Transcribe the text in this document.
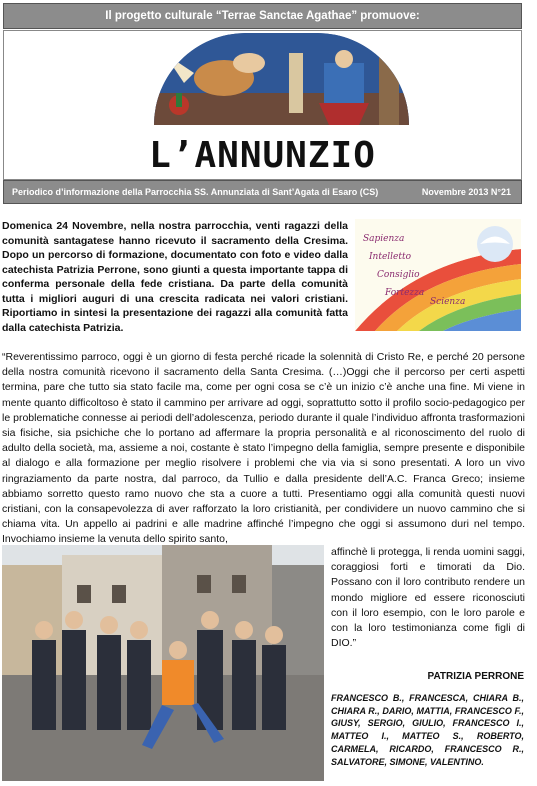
Il progetto culturale “Terrae Sanctae Agathae” promuove:
L’ANNUNZIO
Periodico d’informazione della Parrocchia SS. Annunziata di Sant’Agata di Esaro (CS)	Novembre 2013 N°21
Domenica 24 Novembre, nella nostra parrocchia, venti ragazzi della comunità santagatese hanno ricevuto il sacramento della Cresima. Dopo un percorso di formazione, documentato con foto e video dalla catechista Patrizia Perrone, sono giunti a questa importante tappa di conferma personale della fede cristiana. Da parte della comunità tutta i migliori auguri di una crescita radicata nei valori cristiani. Riportiamo in sintesi la presentazione dei ragazzi alla comunità fatta dalla catechista Patrizia.
Sapienza
Intelletto
Consiglio
Fortezza
Scienza
“Reverentissimo parroco, oggi è un giorno di festa perché ricade la solennità di Cristo Re, e perché 20 persone della nostra comunità ricevono il sacramento della Santa Cresima. (…)Oggi che il percorso per certi aspetti termina, pare che tutto sia stato facile ma, come per ogni cosa se c’è un inizio c’è anche una fine. Mi viene in mente quanto difficoltoso è stato il cammino per arrivare ad oggi, soprattutto sotto il profilo socio-pedagogico per le problematiche connesse ai periodi dell’adolescenza, periodo durante il quale l’individuo affronta trasformazioni sia fisiche, sia psichiche che lo portano ad affermare la propria personalità e al riconoscimento del ruolo di adulto della società, ma, assieme a noi, costante è stato l’impegno della famiglia, sempre presente e disponibile al dialogo e alla formazione per meglio risolvere i problemi che via via si sono presentati. A loro un vivo ringraziamento da parte nostra, dal parroco, da Tullio e dalla presidente dell’A.C. Franca Greco; insieme abbiamo sorretto questo ramo nuovo che sta a cuore a tutti. Presentiamo oggi alla comunità questi nuovi cristiani, con la consapevolezza di aver rafforzato la loro cristianità, per condividere un nuovo cammino che si chiama vita. Un appello ai padrini e alle madrine affinché l’impegno che oggi si assumono duri nel tempo. Invochiamo insieme la venuta dello spirito santo,
affinchè li protegga, li renda uomini saggi, coraggiosi forti e timorati da Dio. Possano con il loro contributo rendere un mondo migliore ed essere riconosciuti con il loro esempio, con le loro parole e con la loro testimonianza come figli di DIO.”
PATRIZIA PERRONE
FRANCESCO B., FRANCESCA, CHIARA B., CHIARA R., DARIO, MATTIA, FRANCESCO F., GIUSY, SERGIO, GIULIO, FRANCESCO I., MATTEO I., MATTEO S., ROBERTO, CARMELA, RICARDO, FRANCESCO R., SALVATORE, SIMONE, VALENTINO.
